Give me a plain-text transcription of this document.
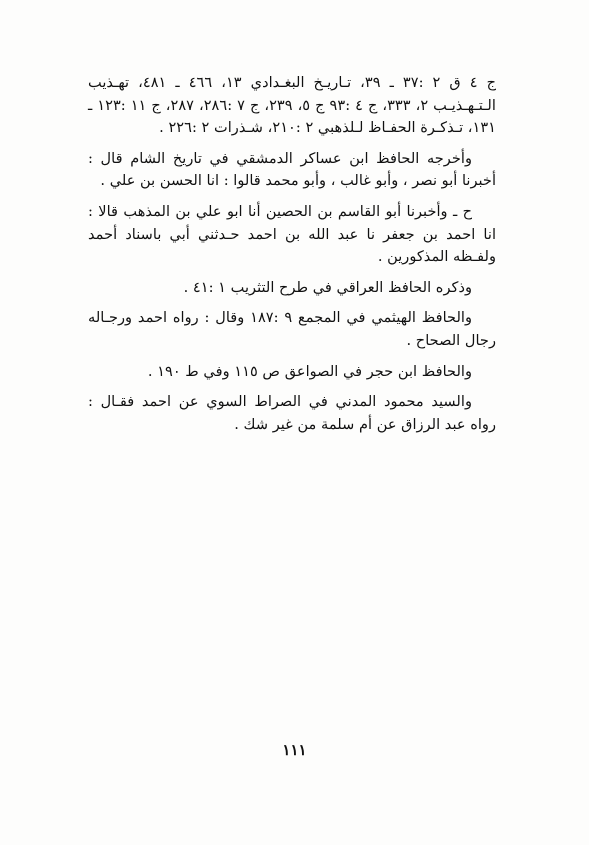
ج ٤ ق ٢ :٣٧ ـ ٣٩، تـاريـخ البغـدادي ١٣، ٤٦٦ ـ ٤٨١، تهـذيب الـتـهـذيـب ٢، ٣٣٣، ج ٤ :٩٣ ج ٥، ٢٣٩، ج ٧ :٢٨٦، ٢٨٧، ج ١١ :١٢٣ ـ ١٣١، تـذكـرة الحفـاظ لـلذهبي ٢ :٢١٠، شـذرات ٢ :٢٢٦ .

وأخرجه الحافظ ابن عساكر الدمشقي في تاريخ الشام قال : أخبرنا أبو نصر ، وأبو غالب ، وأبو محمد قالوا : انا الحسن بن علي .

ح ـ وأخبرنا أبو القاسم بن الحصين أنا ابو علي بن المذهب قالا : انا احمد بن جعفر نا عبد الله بن احمد حـدثني أبي باسناد أحمد ولفـظه المذكورين .

وذكره الحافظ العراقي في طرح التثريب ١ :٤١ .

والحافظ الهيثمي في المجمع ٩ :١٨٧ وقال : رواه احمد ورجـاله رجال الصحاح .

والحافظ ابن حجر في الصواعق ص ١١٥ وفي ط ١٩٠ .

والسيد محمود المدني في الصراط السوي عن احمد فقـال : رواه عبد الرزاق عن أم سلمة من غير شك .

١١١
